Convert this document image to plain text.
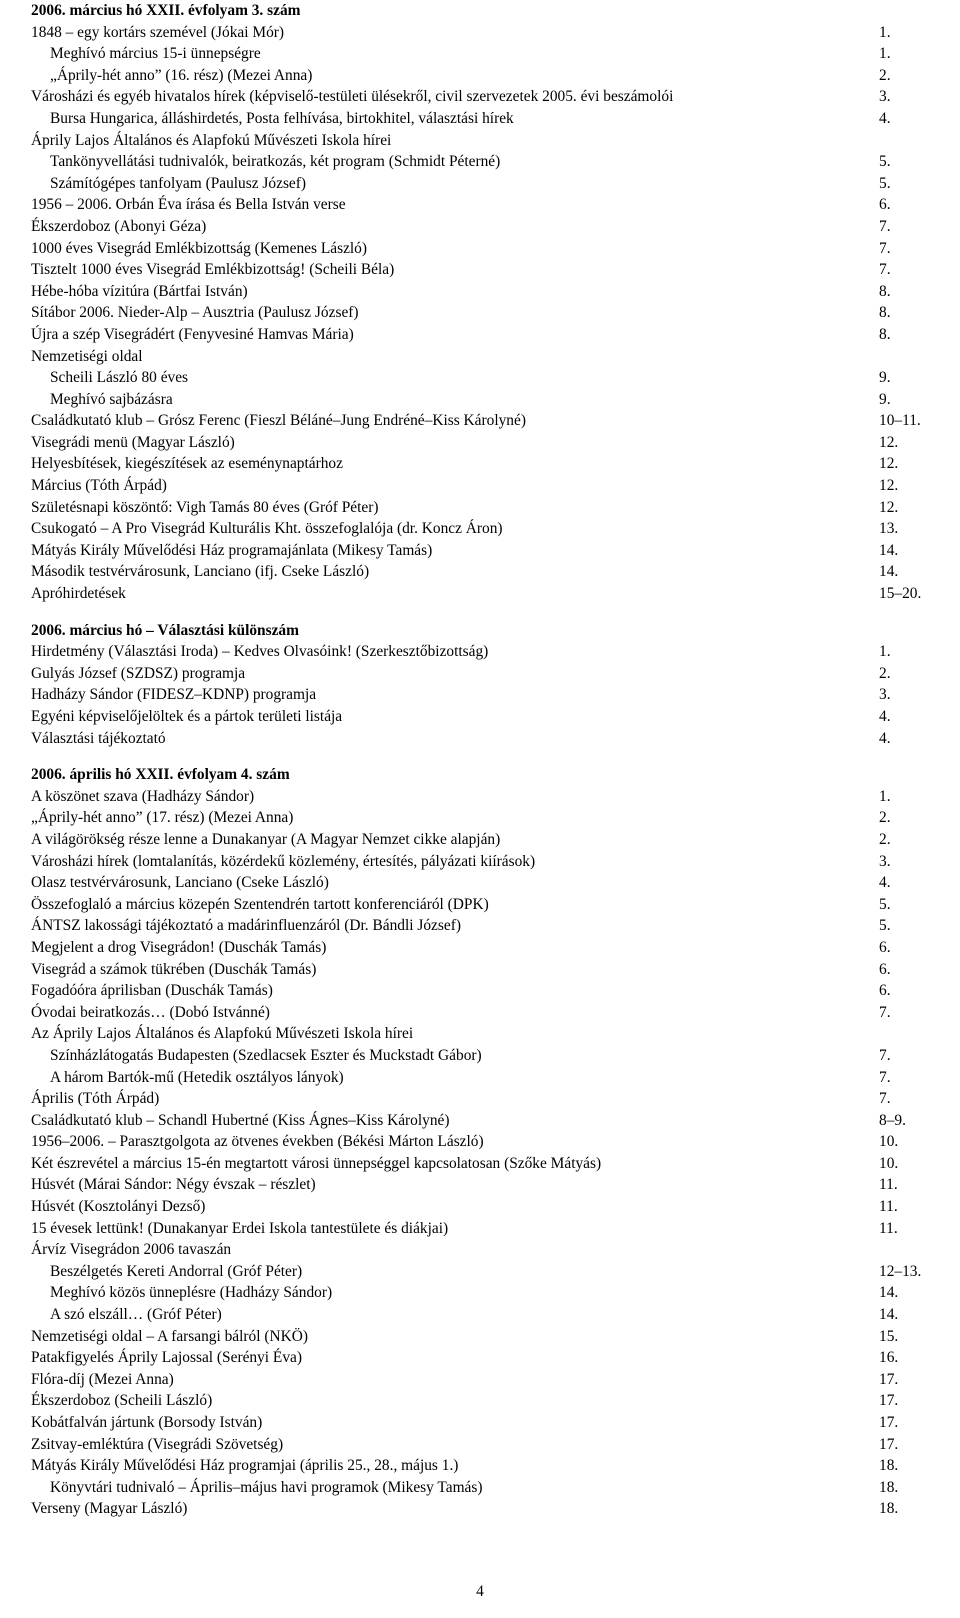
2006. március hó XXII. évfolyam 3. szám
1848 – egy kortárs szemével (Jókai Mór)	1.
Meghívó március 15-i ünnepségre	1.
„Áprily-hét anno” (16. rész) (Mezei Anna)	2.
Városházi és egyéb hivatalos hírek (képviselő-testületi ülésekről, civil szervezetek 2005. évi beszámolói	3.
Bursa Hungarica, álláshirdetés, Posta felhívása, birtokhitel, választási hírek	4.
Áprily Lajos Általános és Alapfokú Művészeti Iskola hírei
Tankönyvellátási tudnivalók, beiratkozás, két program (Schmidt Péterné)	5.
Számítógépes tanfolyam (Paulusz József)	5.
1956 – 2006. Orbán Éva írása és Bella István verse	6.
Ékszerdoboz (Abonyi Géza)	7.
1000 éves Visegrád Emlékbizottság (Kemenes László)	7.
Tisztelt 1000 éves Visegrád Emlékbizottság! (Scheili Béla)	7.
Hébe-hóba vízitúra (Bártfai István)	8.
Sítábor 2006. Nieder-Alp – Ausztria (Paulusz József)	8.
Újra a szép Visegrádért (Fenyvesiné Hamvas Mária)	8.
Nemzetiségi oldal
Scheili László 80 éves	9.
Meghívó sajbázásra	9.
Családkutató klub – Grósz Ferenc (Fieszl Béláné–Jung Endréné–Kiss Károlyné)	10–11.
Visegrádi menü (Magyar László)	12.
Helyesbítések, kiegészítések az eseménynaptárhoz	12.
Március (Tóth Árpád)	12.
Születésnapi köszöntő: Vigh Tamás 80 éves (Gróf Péter)	12.
Csukogató – A Pro Visegrád Kulturális Kht. összefoglalója (dr. Koncz Áron)	13.
Mátyás Király Művelődési Ház programajánlata (Mikesy Tamás)	14.
Második testvérvárosunk, Lanciano (ifj. Cseke László)	14.
Apróhirdetések	15–20.
2006. március hó – Választási különszám
Hirdetmény (Választási Iroda) – Kedves Olvasóink! (Szerkesztőbizottság)	1.
Gulyás József (SZDSZ) programja	2.
Hadházy Sándor (FIDESZ–KDNP) programja	3.
Egyéni képviselőjelöltek és a pártok területi listája	4.
Választási tájékoztató	4.
2006. április hó XXII. évfolyam 4. szám
A köszönet szava (Hadházy Sándor)	1.
„Áprily-hét anno” (17. rész) (Mezei Anna)	2.
A világörökség része lenne a Dunakanyar (A Magyar Nemzet cikke alapján)	2.
Városházi hírek (lomtalanítás, közérdekű közlemény, értesítés, pályázati kiírások)	3.
Olasz testvérvárosunk, Lanciano (Cseke László)	4.
Összefoglaló a március közepén Szentendrén tartott konferenciáról (DPK)	5.
ÁNTSZ lakossági tájékoztató a madárinfluenzáról (Dr. Bándli József)	5.
Megjelent a drog Visegrádon! (Duschák Tamás)	6.
Visegrád a számok tükrében (Duschák Tamás)	6.
Fogadóóra áprilisban (Duschák Tamás)	6.
Óvodai beiratkozás… (Dobó Istvánné)	7.
Az Áprily Lajos Általános és Alapfokú Művészeti Iskola hírei
Színházlátogatás Budapesten (Szedlacsek Eszter és Muckstadt Gábor)	7.
A három Bartók-mű (Hetedik osztályos lányok)	7.
Április (Tóth Árpád)	7.
Családkutató klub – Schandl Hubertné (Kiss Ágnes–Kiss Károlyné)	8–9.
1956–2006. – Parasztgolgota az ötvenes években (Békési Márton László)	10.
Két észrevétel a március 15-én megtartott városi ünnepséggel kapcsolatosan (Szőke Mátyás)	10.
Húsvét (Márai Sándor: Négy évszak – részlet)	11.
Húsvét (Kosztolányi Dezső)	11.
15 évesek lettünk! (Dunakanyar Erdei Iskola tantestülete és diákjai)	11.
Árvíz Visegrádon 2006 tavaszán
Beszélgetés Kereti Andorral (Gróf Péter)	12–13.
Meghívó közös ünneplésre (Hadházy Sándor)	14.
A szó elszáll… (Gróf Péter)	14.
Nemzetiségi oldal – A farsangi bálról (NKÖ)	15.
Patakfigyelés Áprily Lajossal (Serényi Éva)	16.
Flóra-díj (Mezei Anna)	17.
Ékszerdoboz (Scheili László)	17.
Kobátfalván jártunk (Borsody István)	17.
Zsitvay-emléktúra (Visegrádi Szövetség)	17.
Mátyás Király Művelődési Ház programjai (április 25., 28., május 1.)	18.
Könyvtári tudnivaló – Április–május havi programok (Mikesy Tamás)	18.
Verseny (Magyar László)	18.
4
